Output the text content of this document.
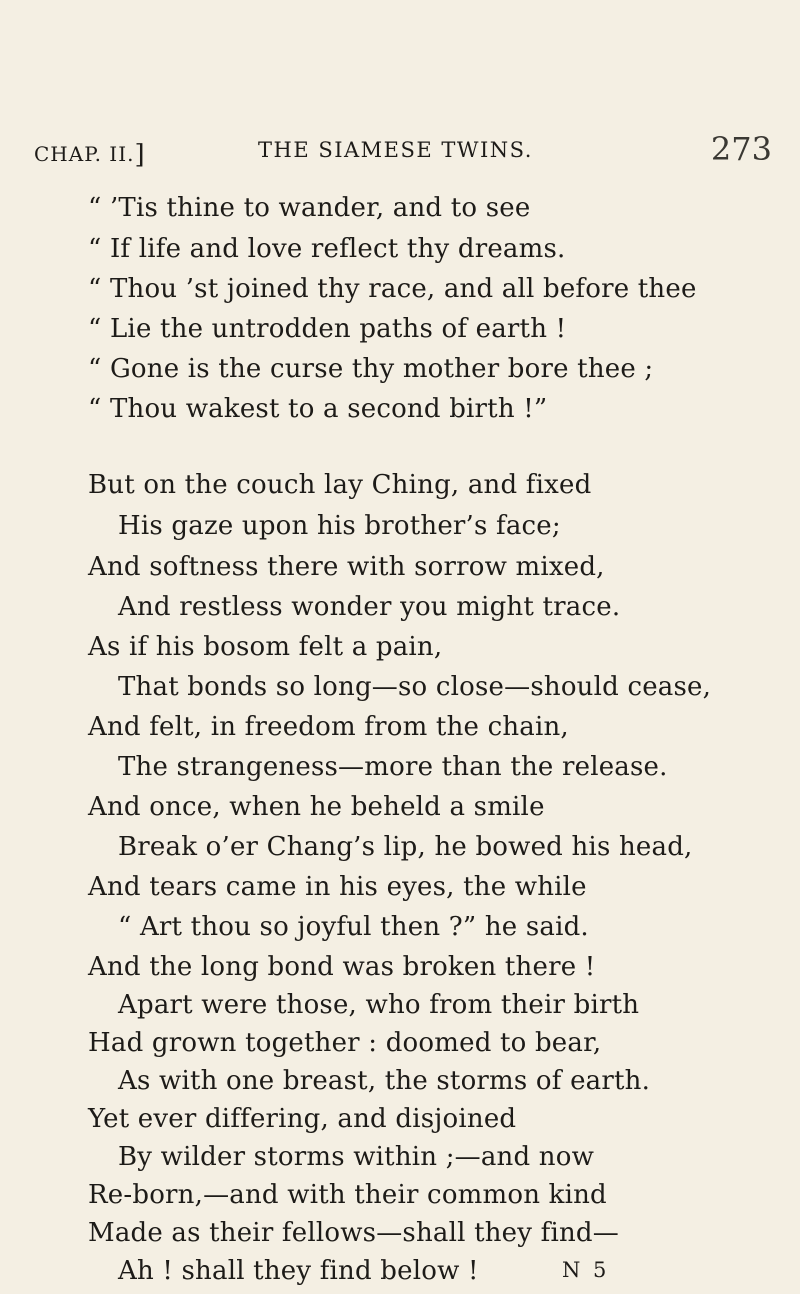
CHAP. II.]	THE SIAMESE TWINS.	273
“ ’Tis thine to wander, and to see
“ If life and love reflect thy dreams.
“ Thou ’st joined thy race, and all before thee
“ Lie the untrodden paths of earth !
“ Gone is the curse thy mother bore thee ;
“ Thou wakest to a second birth !”
But on the couch lay Ching, and fixed
His gaze upon his brother’s face;
And softness there with sorrow mixed,
And restless wonder you might trace.
As if his bosom felt a pain,
That bonds so long—so close—should cease,
And felt, in freedom from the chain,
The strangeness—more than the release.
And once, when he beheld a smile
Break o’er Chang’s lip, he bowed his head,
And tears came in his eyes, the while
“ Art thou so joyful then ?” he said.
And the long bond was broken there !
Apart were those, who from their birth
Had grown together : doomed to bear,
As with one breast, the storms of earth.
Yet ever differing, and disjoined
By wilder storms within ;—and now
Re-born,—and with their common kind
Made as their fellows—shall they find—
Ah ! shall they find below !	N 5
